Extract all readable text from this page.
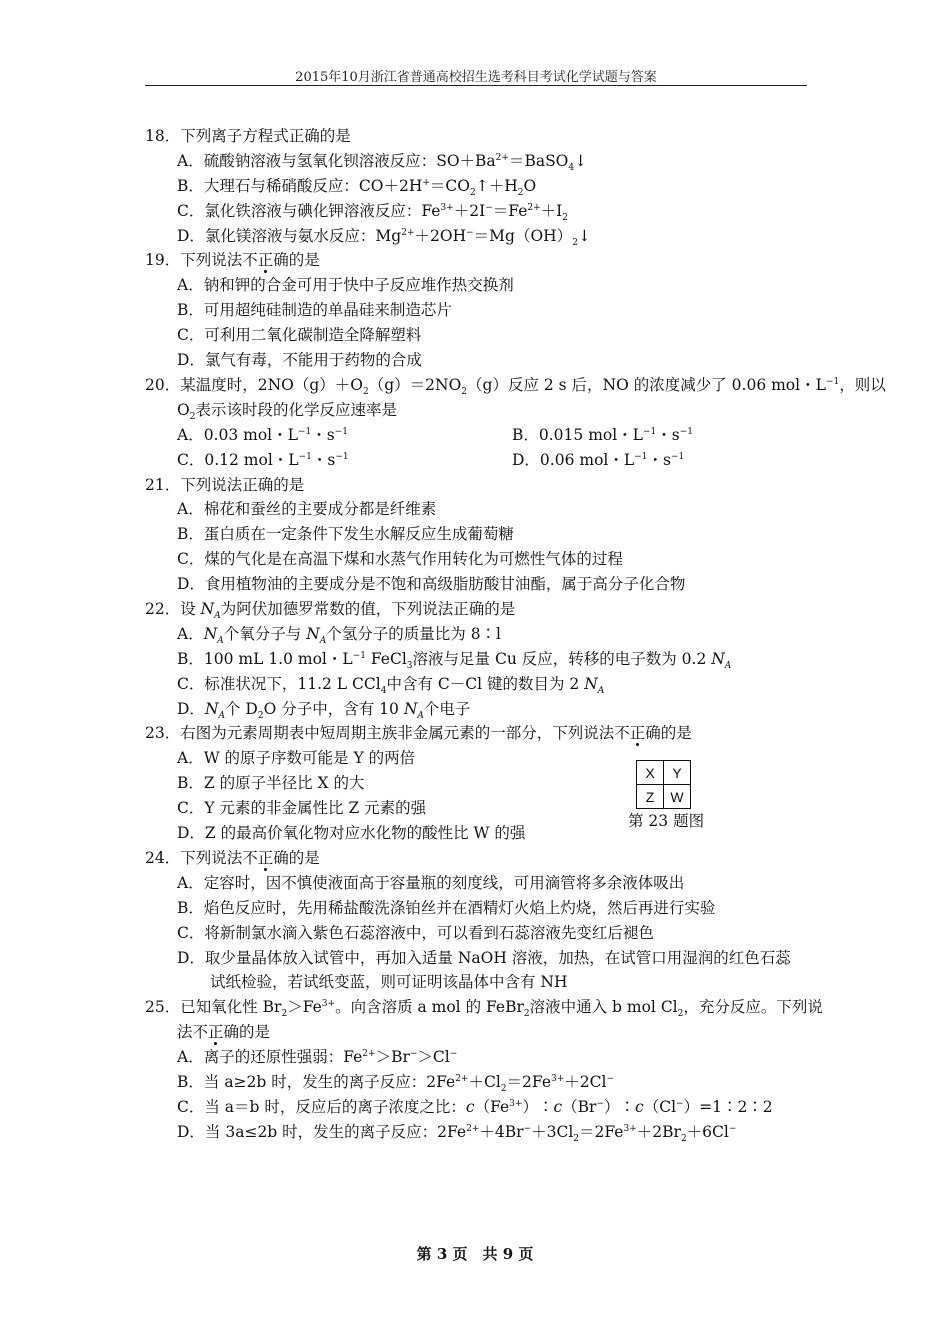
2015年10月浙江省普通高校招生选考科目考试化学试题与答案
18．下列离子方程式正确的是
A．硫酸钠溶液与氢氧化钡溶液反应：$SO+Ba^{2+}=BaSO_4↓$
B．大理石与稀硝酸反应：$CO+2H^+=CO_2↑+H_2O$
C．氯化铁溶液与碘化钾溶液反应：$Fe^{3+}+2I^-=Fe^{2+}+I_2$
D．氯化镁溶液与氨水反应：$Mg^{2+}+2OH^-=Mg(OH)_2↓$
19．下列说法不正确的是
A．钠和钾的合金可用于快中子反应堆作热交换剂
B．可用超纯硅制造的单晶硅来制造芯片
C．可利用二氧化碳制造全降解塑料
D．氯气有毒，不能用于药物的合成
20．某温度时，$2NO(g)+O_2(g)=2NO_2(g)$反应 2 s 后，NO 的浓度减少了 0.06 mol・$L^{-1}$，则以
$O_2$表示该时段的化学反应速率是
A．0.03 mol・$L^{-1}$・$s^{-1}$	B．0.015 mol・$L^{-1}$・$s^{-1}$
C．0.12 mol・$L^{-1}$・$s^{-1}$	D．0.06 mol・$L^{-1}$・$s^{-1}$
21．下列说法正确的是
A．棉花和蚕丝的主要成分都是纤维素
B．蛋白质在一定条件下发生水解反应生成葡萄糖
C．煤的气化是在高温下煤和水蒸气作用转化为可燃性气体的过程
D．食用植物油的主要成分是不饱和高级脂肪酸甘油酯，属于高分子化合物
22．设 $N_A$为阿伏加德罗常数的值，下列说法正确的是
A．$N_A$个氧分子与 $N_A$个氢分子的质量比为 8∶l
B．100 mL 1.0 mol・$L^{-1}$ FeCl$_3$溶液与足量 Cu 反应，转移的电子数为 0.2 $N_A$
C．标准状况下，11.2 L CCl$_4$中含有 C－Cl 键的数目为 2 $N_A$
D．$N_A$个 $D_2O$ 分子中，含有 10 $N_A$个电子
23．右图为元素周期表中短周期主族非金属元素的一部分，下列说法不正确的是
A．W 的原子序数可能是 Y 的两倍
B．Z 的原子半径比 X 的大
C．Y 元素的非金属性比 Z 元素的强
D．Z 的最高价氧化物对应水化物的酸性比 W 的强
X	Y
Z	W
第 23 题图
24．下列说法不正确的是
A．定容时，因不慎使液面高于容量瓶的刻度线，可用滴管将多余液体吸出
B．焰色反应时，先用稀盐酸洗涤铂丝并在酒精灯火焰上灼烧，然后再进行实验
C．将新制氯水滴入紫色石蕊溶液中，可以看到石蕊溶液先变红后褪色
D．取少量晶体放入试管中，再加入适量 NaOH 溶液，加热，在试管口用湿润的红色石蕊
试纸检验，若试纸变蓝，则可证明该晶体中含有 NH
25．已知氧化性 $Br_2>Fe^{3+}$。向含溶质 a mol 的 FeBr$_2$溶液中通入 b mol $Cl_2$，充分反应。下列说
法不正确的是
A．离子的还原性强弱：$Fe^{2+}>Br^->Cl^-$
B．当 a≥2b 时，发生的离子反应：$2Fe^{2+}+Cl_2=2Fe^{3+}+2Cl^-$
C．当 a＝b 时，反应后的离子浓度之比：$c(Fe^{3+})∶c(Br^-)∶c(Cl^-)=1∶2∶2$
D．当 3a≤2b 时，发生的离子反应：$2Fe^{2+}+4Br^-+3Cl_2=2Fe^{3+}+2Br_2+6Cl^-$
第 3 页　共 9 页
